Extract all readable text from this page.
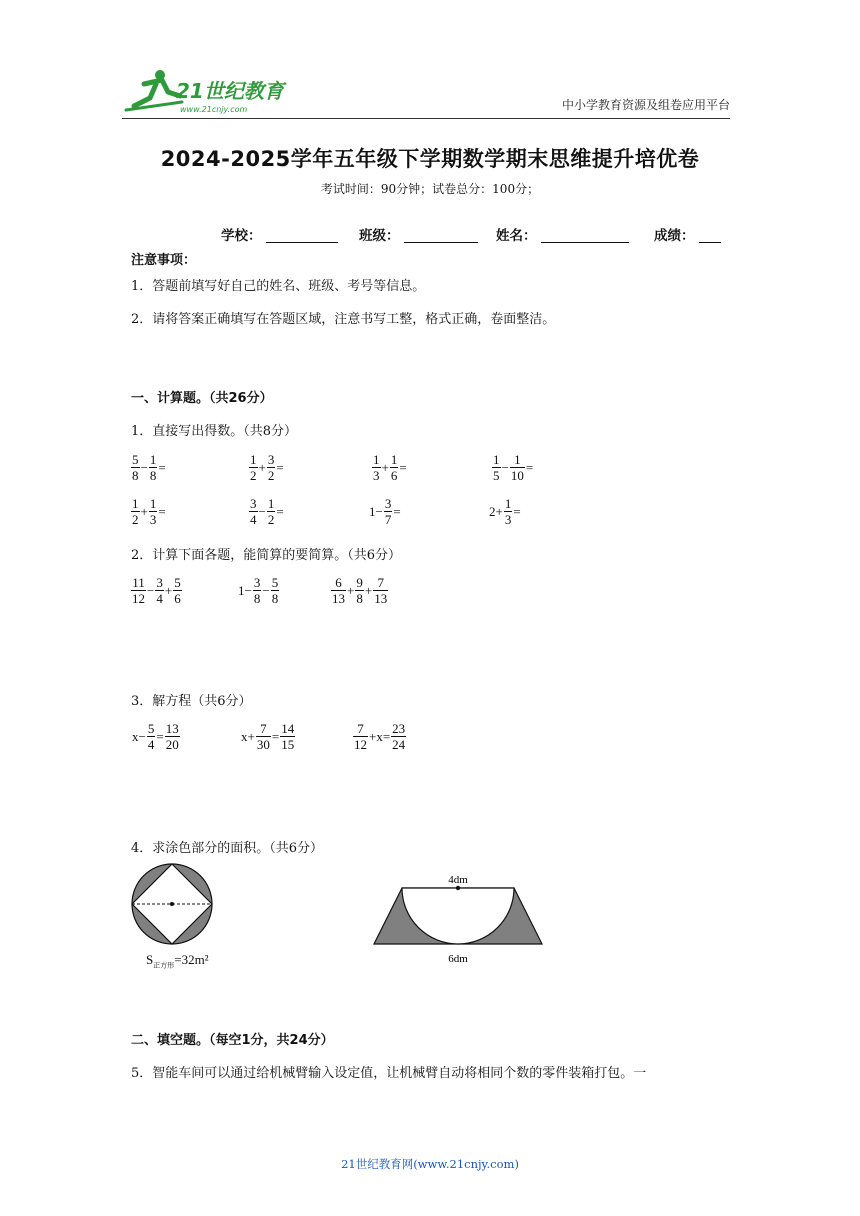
21世纪教育
www.21cnjy.com	中小学教育资源及组卷应用平台
2024-2025学年五年级下学期数学期末思维提升培优卷
考试时间：90分钟；试卷总分：100分；
学校：	班级：	姓名：	成绩：
注意事项：
1．答题前填写好自己的姓名、班级、考号等信息。
2．请将答案正确填写在答题区域，注意书写工整，格式正确，卷面整洁。
一、计算题。（共26分）
1．直接写出得数。（共8分）
$\frac{5}{8} - \frac{1}{8}$ =	$\frac{1}{2} + \frac{3}{2}$ =	$\frac{1}{3} + \frac{1}{6}$ =	$\frac{1}{5} - \frac{1}{10}$ =
$\frac{1}{2} + \frac{1}{3}$ =	$\frac{3}{4} - \frac{1}{2}$ =	$1- \frac{3}{7}$ =	$2+ \frac{1}{3}$ =
2．计算下面各题，能简算的要简算。（共6分）
$\frac{11}{12} - \frac{3}{4} + \frac{5}{6}$	$1- \frac{3}{8} - \frac{5}{8}$	$\frac{6}{13} + \frac{9}{8} + \frac{7}{13}$
3．解方程（共6分）
$x- \frac{5}{4} = \frac{13}{20}$	$x+ \frac{7}{30} = \frac{14}{15}$	$\frac{7}{12} +x= \frac{23}{24}$
4．求涂色部分的面积。（共6分）
$S_{正方形}=32m^2$
4dm
6dm
二、填空题。（每空1分，共24分）
5．智能车间可以通过给机械臂输入设定值，让机械臂自动将相同个数的零件装箱打包。一
21世纪教育网(www.21cnjy.com)
